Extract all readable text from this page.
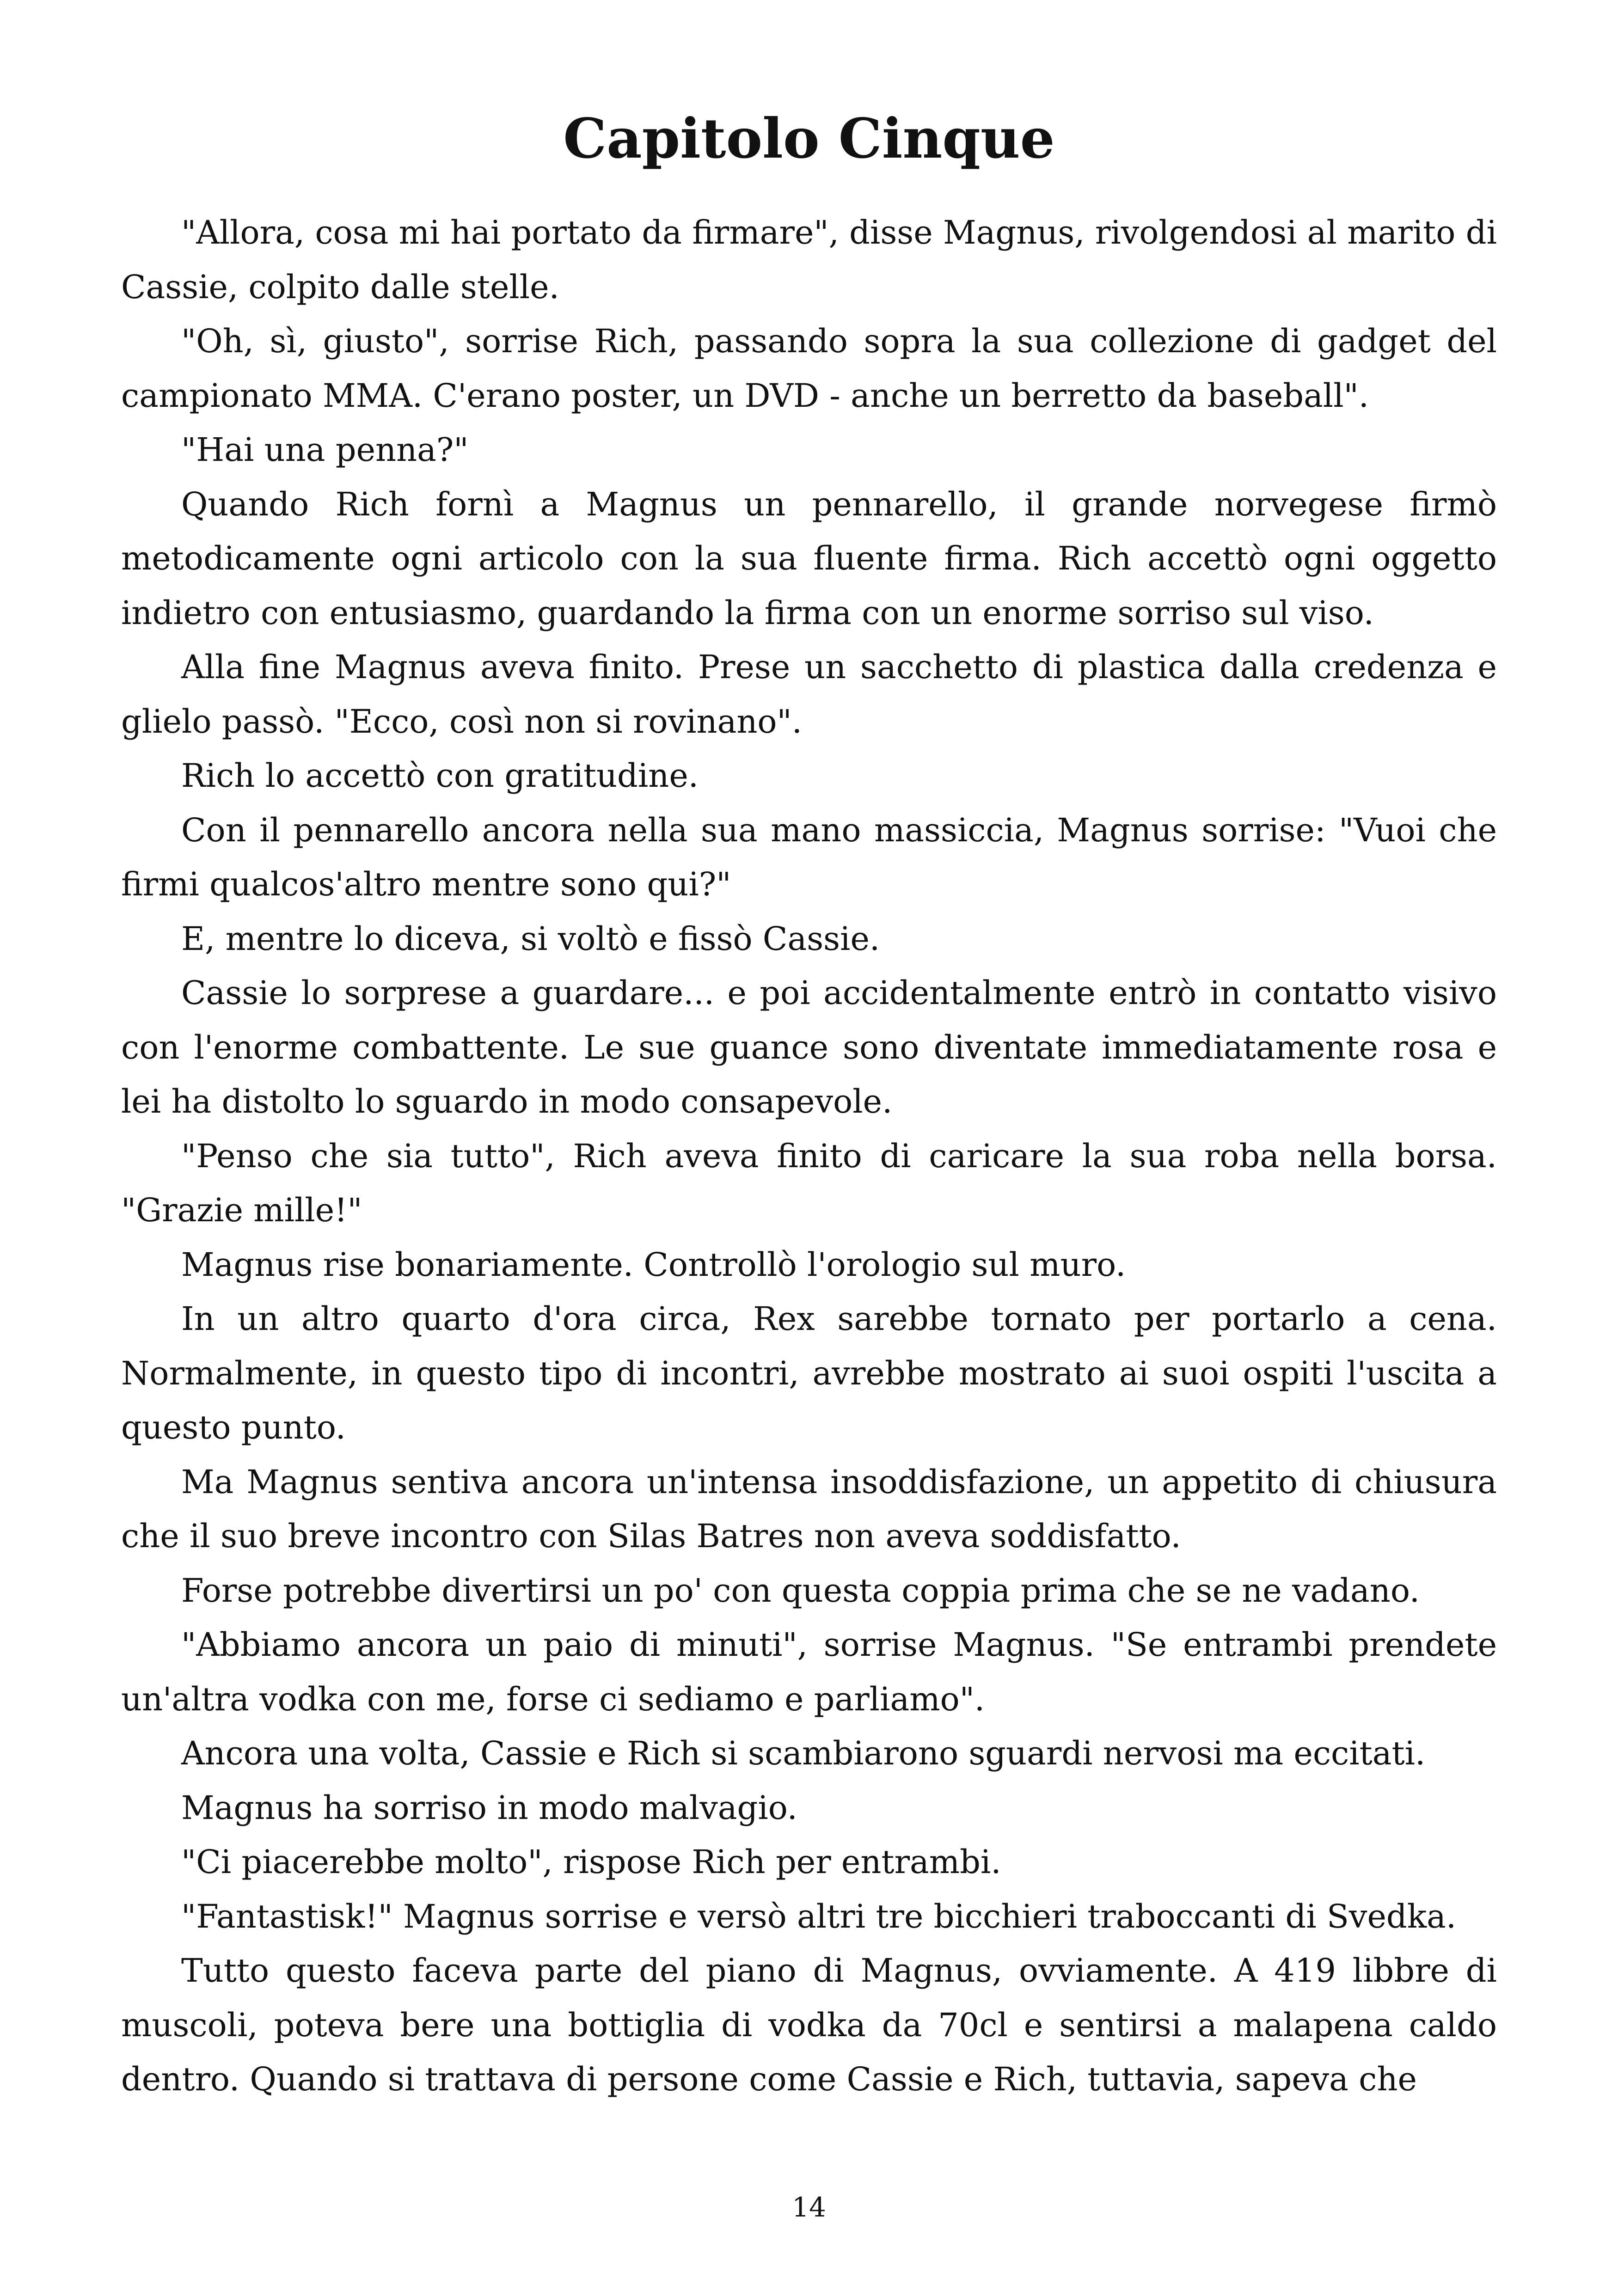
Capitolo Cinque

"Allora, cosa mi hai portato da firmare", disse Magnus, rivolgendosi al marito di Cassie, colpito dalle stelle.

"Oh, sì, giusto", sorrise Rich, passando sopra la sua collezione di gadget del campionato MMA. C'erano poster, un DVD - anche un berretto da baseball".

"Hai una penna?"

Quando Rich fornì a Magnus un pennarello, il grande norvegese firmò metodicamente ogni articolo con la sua fluente firma. Rich accettò ogni oggetto indietro con entusiasmo, guardando la firma con un enorme sorriso sul viso.

Alla fine Magnus aveva finito. Prese un sacchetto di plastica dalla credenza e glielo passò. "Ecco, così non si rovinano".

Rich lo accettò con gratitudine.

Con il pennarello ancora nella sua mano massiccia, Magnus sorrise: "Vuoi che firmi qualcos'altro mentre sono qui?"

E, mentre lo diceva, si voltò e fissò Cassie.

Cassie lo sorprese a guardare... e poi accidentalmente entrò in contatto visivo con l'enorme combattente. Le sue guance sono diventate immediatamente rosa e lei ha distolto lo sguardo in modo consapevole.

"Penso che sia tutto", Rich aveva finito di caricare la sua roba nella borsa. "Grazie mille!"

Magnus rise bonariamente. Controllò l'orologio sul muro.

In un altro quarto d'ora circa, Rex sarebbe tornato per portarlo a cena. Normalmente, in questo tipo di incontri, avrebbe mostrato ai suoi ospiti l'uscita a questo punto.

Ma Magnus sentiva ancora un'intensa insoddisfazione, un appetito di chiusura che il suo breve incontro con Silas Batres non aveva soddisfatto.

Forse potrebbe divertirsi un po' con questa coppia prima che se ne vadano.

"Abbiamo ancora un paio di minuti", sorrise Magnus. "Se entrambi prendete un'altra vodka con me, forse ci sediamo e parliamo".

Ancora una volta, Cassie e Rich si scambiarono sguardi nervosi ma eccitati.

Magnus ha sorriso in modo malvagio.

"Ci piacerebbe molto", rispose Rich per entrambi.

"Fantastisk!" Magnus sorrise e versò altri tre bicchieri traboccanti di Svedka.

Tutto questo faceva parte del piano di Magnus, ovviamente. A 419 libbre di muscoli, poteva bere una bottiglia di vodka da 70cl e sentirsi a malapena caldo dentro. Quando si trattava di persone come Cassie e Rich, tuttavia, sapeva che

14
